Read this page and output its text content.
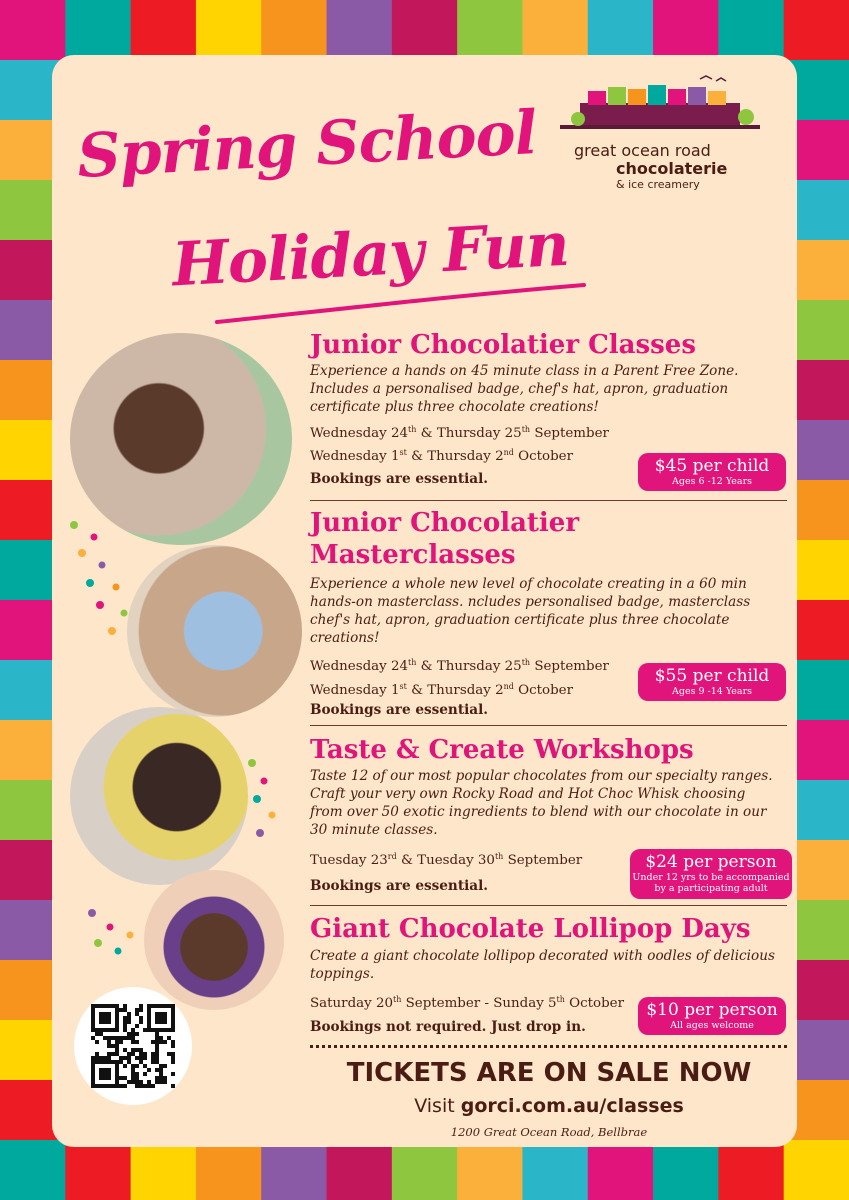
Spring School
Holiday Fun
great ocean road
chocolaterie
& ice creamery
Junior Chocolatier Classes
Experience a hands on 45 minute class in a Parent Free Zone. Includes a personalised badge, chef's hat, apron, graduation certificate plus three chocolate creations!
Wednesday 24th & Thursday 25th September
Wednesday 1st & Thursday 2nd October
Bookings are essential.
$45 per child
Ages 6 -12 Years
Junior Chocolatier
Masterclasses
Experience a whole new level of chocolate creating in a 60 min hands-on masterclass. ncludes personalised badge, masterclass chef's hat, apron, graduation certificate plus three chocolate creations!
Wednesday 24th & Thursday 25th September
Wednesday 1st & Thursday 2nd October
Bookings are essential.
$55 per child
Ages 9 -14 Years
Taste & Create Workshops
Taste 12 of our most popular chocolates from our specialty ranges. Craft your very own Rocky Road and Hot Choc Whisk choosing from over 50 exotic ingredients to blend with our chocolate in our 30 minute classes.
Tuesday 23rd & Tuesday 30th September
Bookings are essential.
$24 per person
Under 12 yrs to be accompanied
by a participating adult
Giant Chocolate Lollipop Days
Create a giant chocolate lollipop decorated with oodles of delicious toppings.
Saturday 20th September - Sunday 5th October
Bookings not required. Just drop in.
$10 per person
All ages welcome
TICKETS ARE ON SALE NOW
Visit gorci.com.au/classes
1200 Great Ocean Road, Bellbrae
